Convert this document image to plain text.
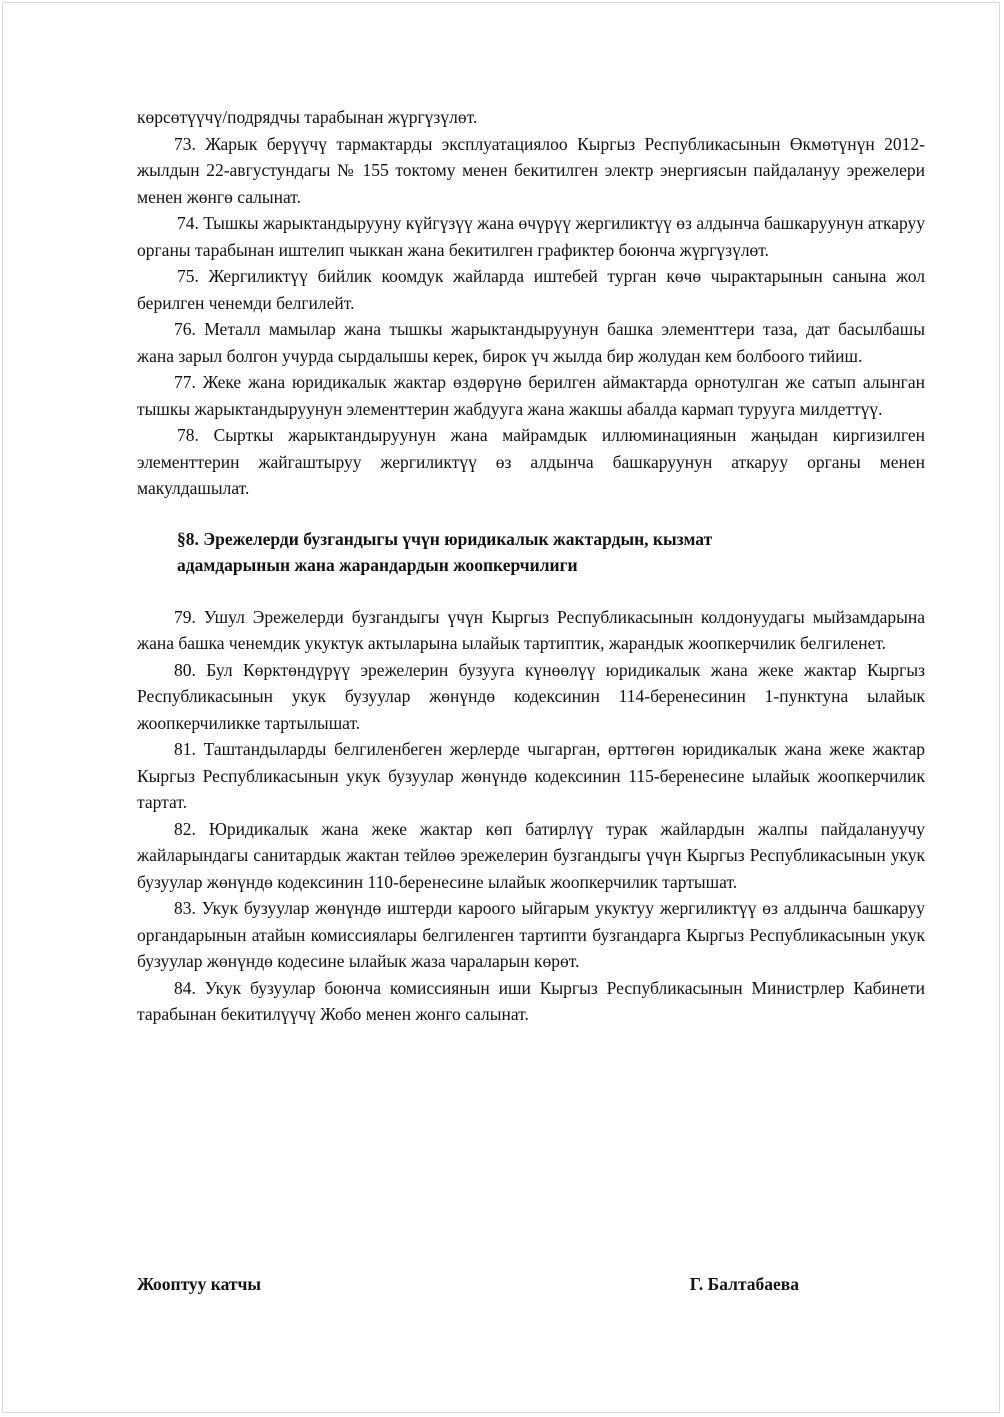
көрсөтүүчү/подрядчы тарабынан жүргүзүлөт.

73. Жарык берүүчү тармактарды эксплуатациялоо Кыргыз Республикасынын Өкмөтүнүн 2012-жылдын 22-августундагы № 155 токтому менен бекитилген электр энергиясын пайдалануу эрежелери менен жөнгө салынат.

74. Тышкы жарыктандырууну күйгүзүү жана өчүрүү жергиликтүү өз алдынча башкаруунун аткаруу органы тарабынан иштелип чыккан жана бекитилген графиктер боюнча жүргүзүлөт.

75. Жергиликтүү бийлик коомдук жайларда иштебей турган көчө чырактарынын санына жол берилген ченемди белгилейт.

76. Металл мамылар жана тышкы жарыктандыруунун башка элементтери таза, дат басылбашы жана зарыл болгон учурда сырдалышы керек, бирок үч жылда бир жолудан кем болбоого тийиш.

77. Жеке жана юридикалык жактар өздөрүнө берилген аймактарда орнотулган же сатып алынган тышкы жарыктандыруунун элементтерин жабдууга жана жакшы абалда кармап турууга милдеттүү.

78. Сырткы жарыктандыруунун жана майрамдык иллюминациянын жаңыдан киргизилген элементтерин жайгаштыруу жергиликтүү өз алдынча башкаруунун аткаруу органы менен макулдашылат.

§8. Эрежелерди бузгандыгы үчүн юридикалык жактардын, кызмат
адамдарынын жана жарандардын жоопкерчилиги

79. Ушул Эрежелерди бузгандыгы үчүн Кыргыз Республикасынын колдонуудагы мыйзамдарына жана башка ченемдик укуктук актыларына ылайык тартиптик, жарандык жоопкерчилик белгиленет.

80. Бул Көрктөндүрүү эрежелерин бузууга күнөөлүү юридикалык жана жеке жактар Кыргыз Республикасынын укук бузуулар жөнүндө кодексинин 114-беренесинин 1-пунктуна ылайык жоопкерчиликке тартылышат.

81. Таштандыларды белгиленбеген жерлерде чыгарган, өрттөгөн юридикалык жана жеке жактар Кыргыз Республикасынын укук бузуулар жөнүндө кодексинин 115-беренесине ылайык жоопкерчилик тартат.

82. Юридикалык жана жеке жактар көп батирлүү турак жайлардын жалпы пайдалануучу жайларындагы санитардык жактан тейлөө эрежелерин бузгандыгы үчүн Кыргыз Республикасынын укук бузуулар жөнүндө кодексинин 110-беренесине ылайык жоопкерчилик тартышат.

83. Укук бузуулар жөнүндө иштерди кароого ыйгарым укуктуу жергиликтүү өз алдынча башкаруу органдарынын атайын комиссиялары белгиленген тартипти бузгандарга Кыргыз Республикасынын укук бузуулар жөнүндө кодесине ылайык жаза чараларын көрөт.

84. Укук бузуулар боюнча комиссиянын иши Кыргыз Республикасынын Министрлер Кабинети тарабынан бекитилүүчү Жобо менен жонго салынат.

Жооптуу катчы	Г. Балтабаева
